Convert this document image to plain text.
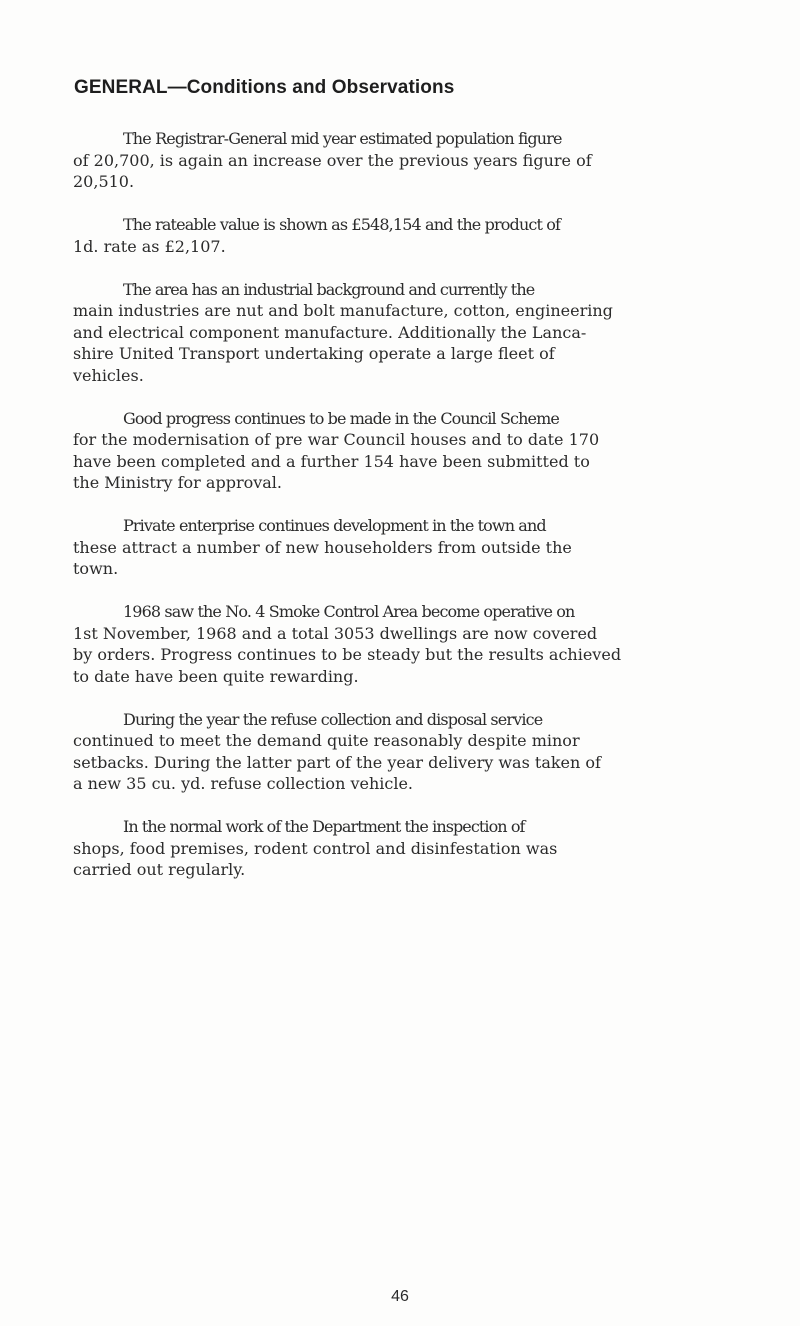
GENERAL—Conditions and Observations

The Registrar-General mid year estimated population figure
of 20,700, is again an increase over the previous years figure of
20,510.

The rateable value is shown as £548,154 and the product of
1d. rate as £2,107.

The area has an industrial background and currently the
main industries are nut and bolt manufacture, cotton, engineering
and electrical component manufacture. Additionally the Lanca-
shire United Transport undertaking operate a large fleet of
vehicles.

Good progress continues to be made in the Council Scheme
for the modernisation of pre war Council houses and to date 170
have been completed and a further 154 have been submitted to
the Ministry for approval.

Private enterprise continues development in the town and
these attract a number of new householders from outside the
town.

1968 saw the No. 4 Smoke Control Area become operative on
1st November, 1968 and a total 3053 dwellings are now covered
by orders. Progress continues to be steady but the results achieved
to date have been quite rewarding.

During the year the refuse collection and disposal service
continued to meet the demand quite reasonably despite minor
setbacks. During the latter part of the year delivery was taken of
a new 35 cu. yd. refuse collection vehicle.

In the normal work of the Department the inspection of
shops, food premises, rodent control and disinfestation was
carried out regularly.

46
